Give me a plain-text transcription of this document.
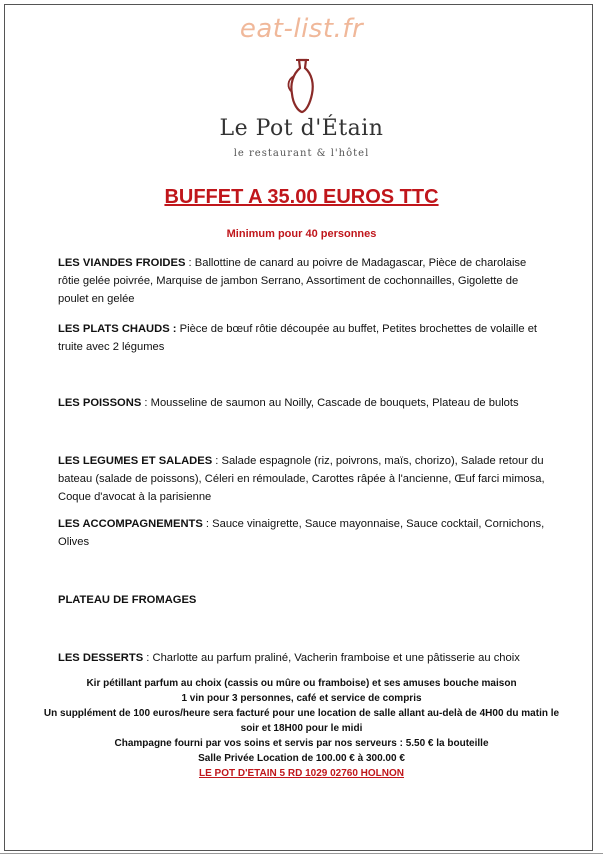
eat-list.fr
Le Pot d'Étain
le restaurant & l'hôtel
BUFFET A 35.00 EUROS TTC
Minimum pour 40 personnes
LES VIANDES FROIDES : Ballottine de canard au poivre de Madagascar, Pièce de charolaise rôtie gelée poivrée, Marquise de jambon Serrano, Assortiment de cochonnailles, Gigolette de poulet en gelée
LES PLATS CHAUDS : Pièce de bœuf rôtie découpée au buffet, Petites brochettes de volaille et truite avec 2 légumes
LES POISSONS : Mousseline de saumon au Noilly, Cascade de bouquets, Plateau de bulots
LES LEGUMES ET SALADES : Salade espagnole (riz, poivrons, maïs, chorizo), Salade retour du bateau (salade de poissons), Céleri en rémoulade, Carottes râpée à l'ancienne, Œuf farci mimosa, Coque d'avocat à la parisienne
LES ACCOMPAGNEMENTS : Sauce vinaigrette, Sauce mayonnaise, Sauce cocktail, Cornichons, Olives
PLATEAU DE FROMAGES
LES DESSERTS : Charlotte au parfum praliné, Vacherin framboise et une pâtisserie au choix
Kir pétillant parfum au choix (cassis ou mûre ou framboise) et ses amuses bouche maison
1 vin pour 3 personnes, café et service de compris
Un supplément de 100 euros/heure sera facturé pour une location de salle allant au-delà de 4H00 du matin le soir et 18H00 pour le midi
Champagne fourni par vos soins et servis par nos serveurs : 5.50 € la bouteille
Salle Privée Location de 100.00 € à 300.00 €
LE POT D'ETAIN 5 RD 1029 02760 HOLNON
